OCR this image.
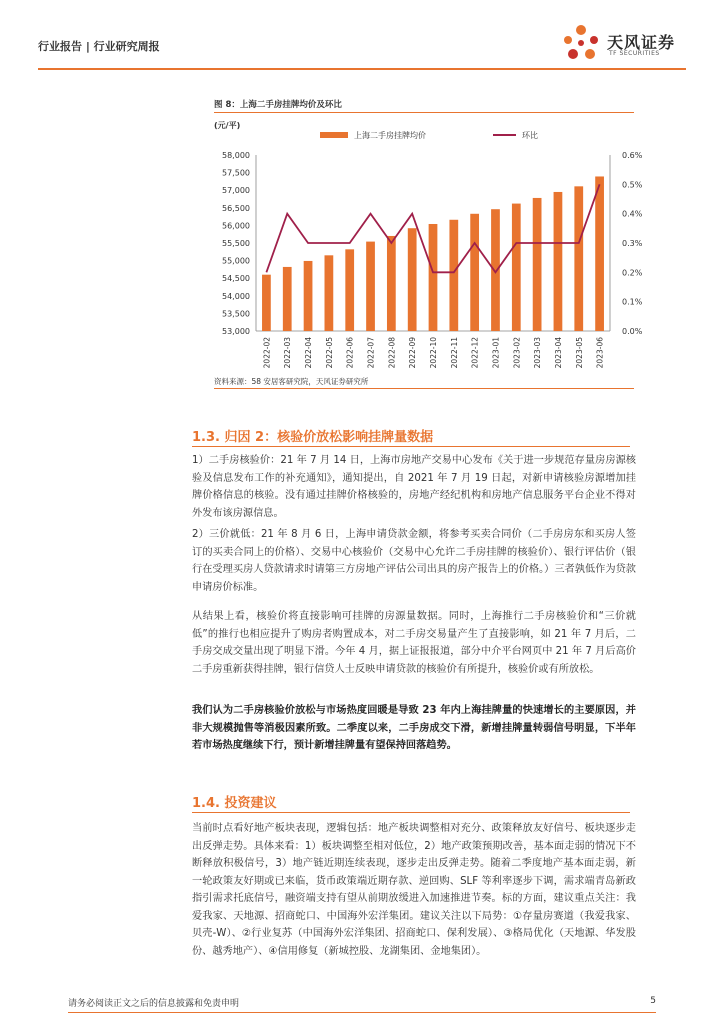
行业报告 | 行业研究周报	天风证券
TF SECURITIES
图 8：上海二手房挂牌均价及环比
(元/平)
上海二手房挂牌均价	环比
53,000
53,500
54,000
54,500
55,000
55,500
56,000
56,500
57,000
57,500
58,000
0.0%
0.1%
0.2%
0.3%
0.4%
0.5%
0.6%
2022-02 2022-03 2022-04 2022-05 2022-06 2022-07 2022-08 2022-09 2022-10 2022-11 2022-12 2023-01 2023-02 2023-03 2023-04 2023-05 2023-06
资料来源：58 安居客研究院，天风证券研究所
1.3. 归因 2：核验价放松影响挂牌量数据
1）二手房核验价：21 年 7 月 14 日，上海市房地产交易中心发布《关于进一步规范存量房房源核验及信息发布工作的补充通知》，通知提出，自 2021 年 7 月 19 日起，对新申请核验房源增加挂牌价格信息的核验。没有通过挂牌价格核验的，房地产经纪机构和房地产信息服务平台企业不得对外发布该房源信息。
2）三价就低：21 年 8 月 6 日，上海申请贷款金额，将参考买卖合同价（二手房房东和买房人签订的买卖合同上的价格）、交易中心核验价（交易中心允许二手房挂牌的核验价）、银行评估价（银行在受理买房人贷款请求时请第三方房地产评估公司出具的房产报告上的价格。）三者孰低作为贷款申请房价标准。
从结果上看，核验价将直接影响可挂牌的房源量数据。同时，上海推行二手房核验价和“三价就低”的推行也相应提升了购房者购置成本，对二手房交易量产生了直接影响，如 21 年 7 月后，二手房交成交量出现了明显下滑。今年 4 月，据上证报报道，部分中介平台网页中 21 年 7 月后高价二手房重新获得挂牌，银行信贷人士反映申请贷款的核验价有所提升，核验价或有所放松。
我们认为二手房核验价放松与市场热度回暖是导致 23 年内上海挂牌量的快速增长的主要原因，并非大规模抛售等消极因素所致。二季度以来，二手房成交下滑，新增挂牌量转弱信号明显，下半年若市场热度继续下行，预计新增挂牌量有望保持回落趋势。
1.4. 投资建议
当前时点看好地产板块表现，逻辑包括：地产板块调整相对充分、政策释放友好信号、板块逐步走出反弹走势。具体来看：1）板块调整至相对低位，2）地产政策预期改善，基本面走弱的情况下不断释放积极信号，3）地产链近期连续表现，逐步走出反弹走势。随着二季度地产基本面走弱，新一轮政策友好期或已来临，货币政策端近期存款、逆回购、SLF 等利率逐步下调，需求端青岛新政指引需求托底信号，融资端支持有望从前期放缓进入加速推进节奏。标的方面，建议重点关注：我爱我家、天地源、招商蛇口、中国海外宏洋集团。建议关注以下局势：①存量房赛道（我爱我家、贝壳-W）、②行业复苏（中国海外宏洋集团、招商蛇口、保利发展）、③格局优化（天地源、华发股份、越秀地产）、④信用修复（新城控股、龙湖集团、金地集团）。
请务必阅读正文之后的信息披露和免责申明	5
